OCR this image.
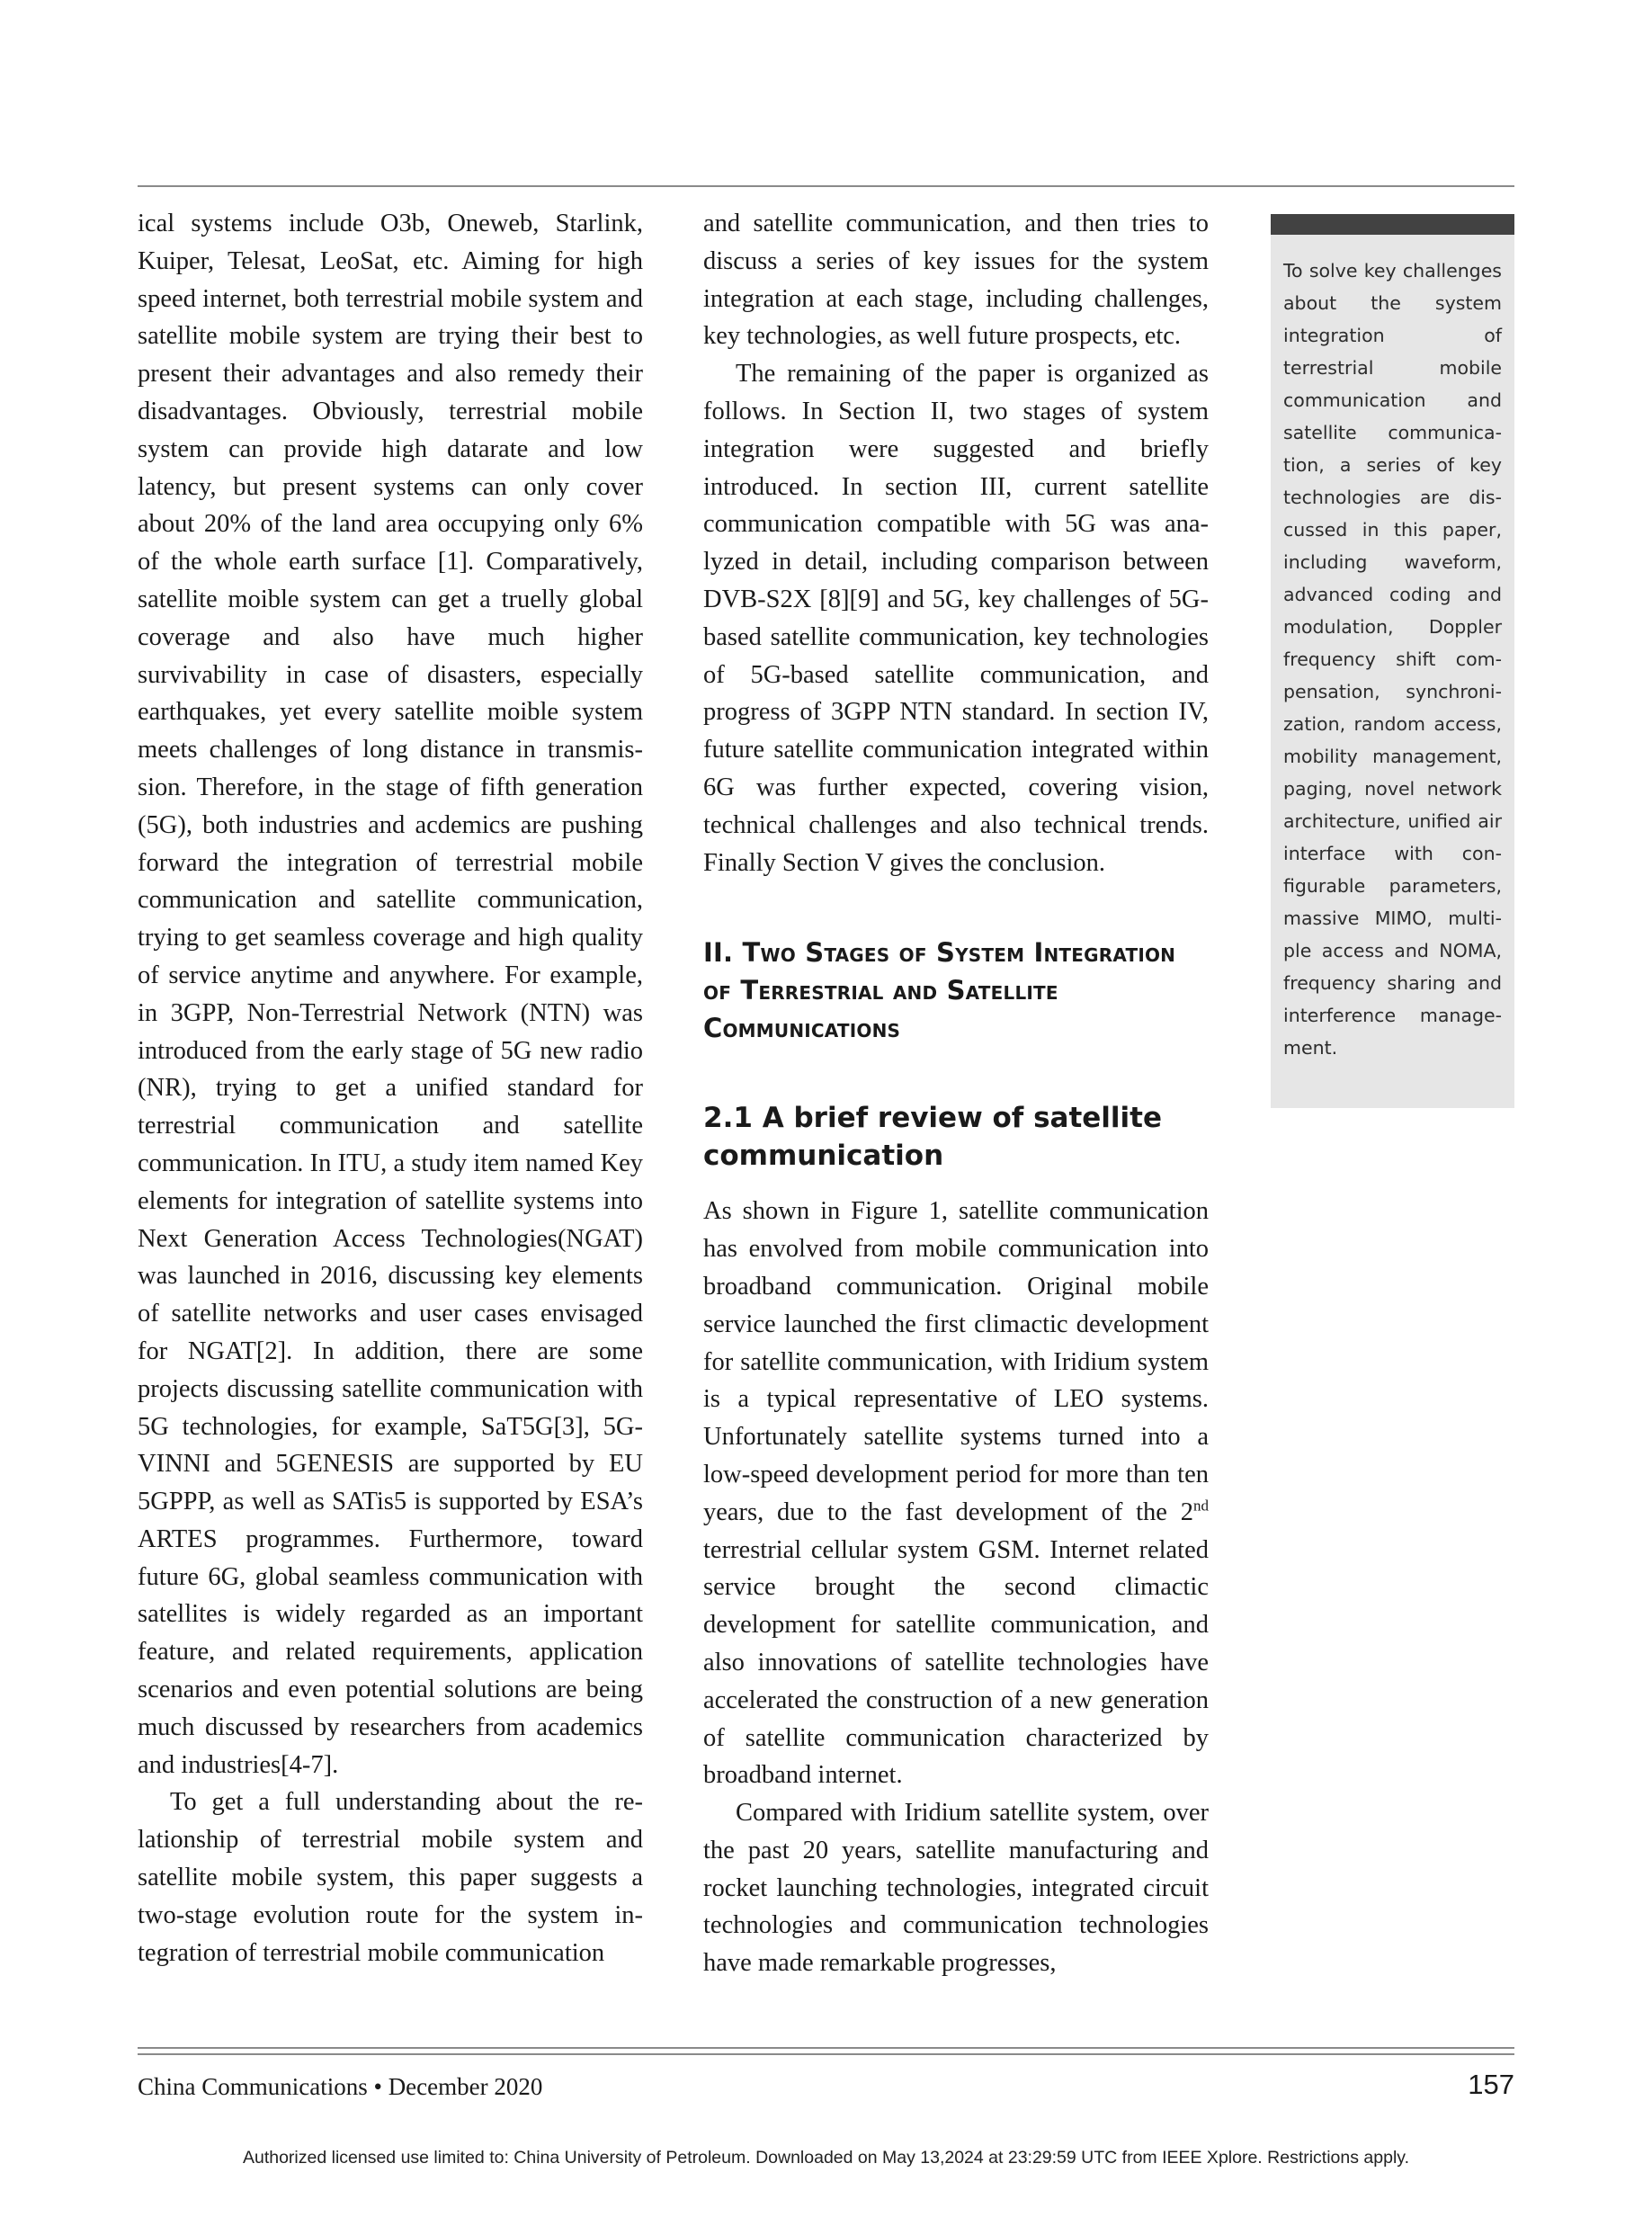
ical systems include O3b, Oneweb, Starlink, Kuiper, Telesat, LeoSat, etc. Aiming for high speed internet, both terrestrial mobile system and satellite mobile system are trying their best to present their advantages and also remedy their disadvantages. Obviously, terrestrial mobile system can provide high datarate and low latency, but present systems can only cover about 20% of the land area occupying only 6% of the whole earth surface [1]. Comparatively, satellite moible system can get a truelly global coverage and also have much higher survivability in case of disasters, especially earthquakes, yet every satellite moible system meets challenges of long distance in transmission. Therefore, in the stage of fifth generation (5G), both industries and acdemics are pushing forward the integration of terrestrial mobile communication and satellite communication, trying to get seamless coverage and high quality of service anytime and anywhere. For example, in 3GPP, Non-Terrestrial Network (NTN) was introduced from the early stage of 5G new radio (NR), trying to get a unified standard for terrestrial communication and satellite communication. In ITU, a study item named Key elements for integration of satellite systems into Next Generation Access Technologies(NGAT) was launched in 2016, discussing key elements of satellite networks and user cases envisaged for NGAT[2]. In addition, there are some projects discussing satellite communication with 5G technologies, for example, SaT5G[3], 5G-VINNI and 5GENESIS are supported by EU 5GPPP, as well as SATis5 is supported by ESA’s ARTES programmes. Furthermore, toward future 6G, global seamless communication with satellites is widely regarded as an important feature, and related requirements, application scenarios and even potential solutions are being much discussed by researchers from academics and industries[4-7].

To get a full understanding about the relationship of terrestrial mobile system and satellite mobile system, this paper suggests a two-stage evolution route for the system integration of terrestrial mobile communication

and satellite communication, and then tries to discuss a series of key issues for the system integration at each stage, including challenges, key technologies, as well future prospects, etc.

The remaining of the paper is organized as follows. In Section II, two stages of system integration were suggested and briefly introduced. In section III, current satellite communication compatible with 5G was analyzed in detail, including comparison between DVB-S2X [8][9] and 5G, key challenges of 5G-based satellite communication, key technologies of 5G-based satellite communication, and progress of 3GPP NTN standard. In section IV, future satellite communication integrated within 6G was further expected, covering vision, technical challenges and also technical trends. Finally Section V gives the conclusion.

II. Two Stages of System Integration of Terrestrial and Satellite Communications
2.1 A brief review of satellite communication

As shown in Figure 1, satellite communication has envolved from mobile communication into broadband communication. Original mobile service launched the first climactic development for satellite communication, with Iridium system is a typical representative of LEO systems. Unfortunately satellite systems turned into a low-speed development period for more than ten years, due to the fast development of the 2nd terrestrial cellular system GSM. Internet related service brought the second climactic development for satellite communication, and also innovations of satellite technologies have accelerated the construction of a new generation of satellite communication characterized by broadband internet.

Compared with Iridium satellite system, over the past 20 years, satellite manufacturing and rocket launching technologies, integrated circuit technologies and communication technologies have made remarkable progresses,

To solve key challenges about the system integration of terrestrial mobile communication and satellite communication, a series of key technologies are discussed in this paper, including waveform, advanced coding and modulation, Doppler frequency shift compensation, synchronization, random access, mobility management, paging, novel network architecture, unified air interface with configurable parameters, massive MIMO, multiple access and NOMA, frequency sharing and interference management.
China Communications • December 2020	157
Authorized licensed use limited to: China University of Petroleum. Downloaded on May 13,2024 at 23:29:59 UTC from IEEE Xplore. Restrictions apply.
